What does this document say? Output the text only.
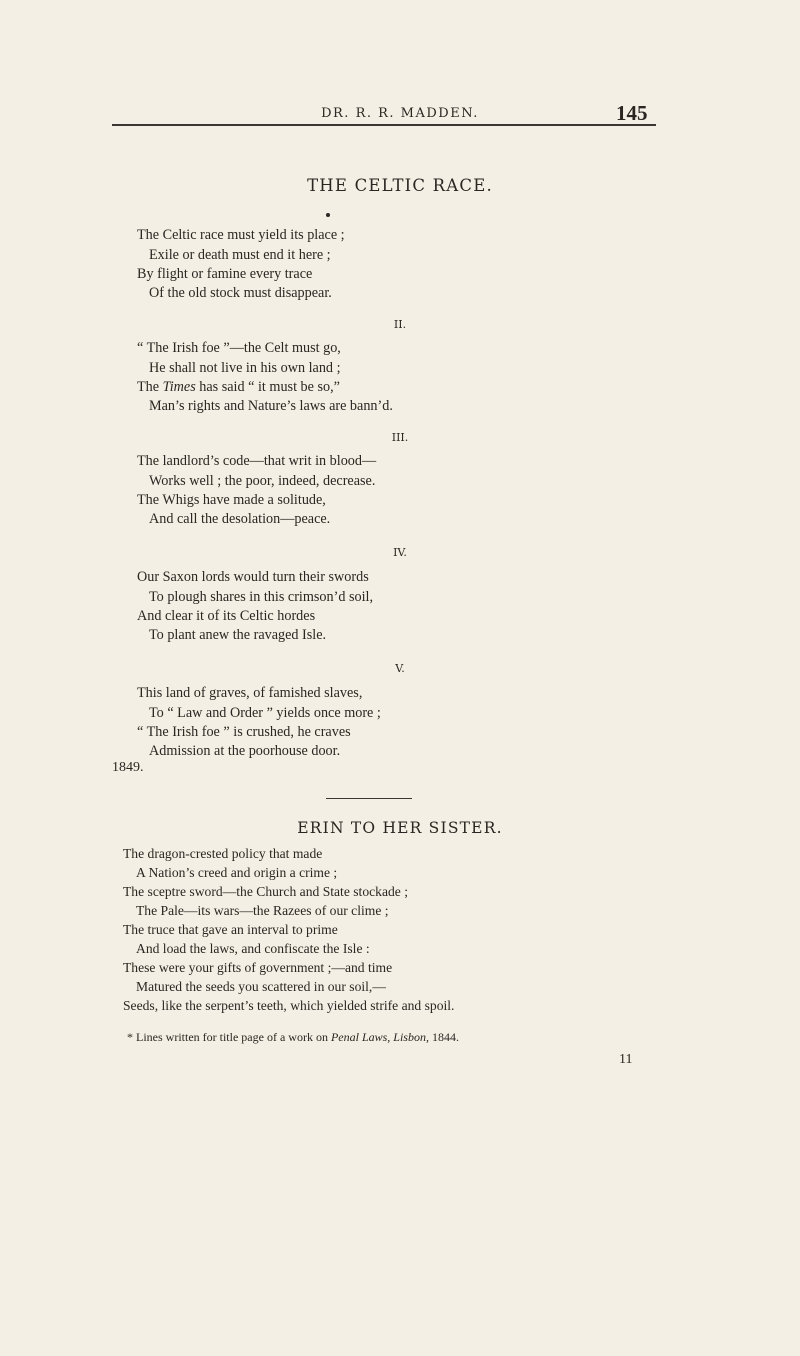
DR. R. R. MADDEN.	145
THE CELTIC RACE.
The Celtic race must yield its place ;
Exile or death must end it here ;
By flight or famine every trace
Of the old stock must disappear.
II.
“ The Irish foe ”—the Celt must go,
He shall not live in his own land ;
The Times has said “ it must be so,”
Man’s rights and Nature’s laws are bann’d.
III.
The landlord’s code—that writ in blood—
Works well ; the poor, indeed, decrease.
The Whigs have made a solitude,
And call the desolation—peace.
IV.
Our Saxon lords would turn their swords
To plough shares in this crimson’d soil,
And clear it of its Celtic hordes
To plant anew the ravaged Isle.
V.
This land of graves, of famished slaves,
To “ Law and Order ” yields once more ;
“ The Irish foe ” is crushed, he craves
Admission at the poorhouse door.
1849.
ERIN TO HER SISTER.
The dragon-crested policy that made
A Nation’s creed and origin a crime ;
The sceptre sword—the Church and State stockade ;
The Pale—its wars—the Razees of our clime ;
The truce that gave an interval to prime
And load the laws, and confiscate the Isle :
These were your gifts of government ;—and time
Matured the seeds you scattered in our soil,—
Seeds, like the serpent’s teeth, which yielded strife and spoil.
* Lines written for title page of a work on Penal Laws, Lisbon, 1844.
11
